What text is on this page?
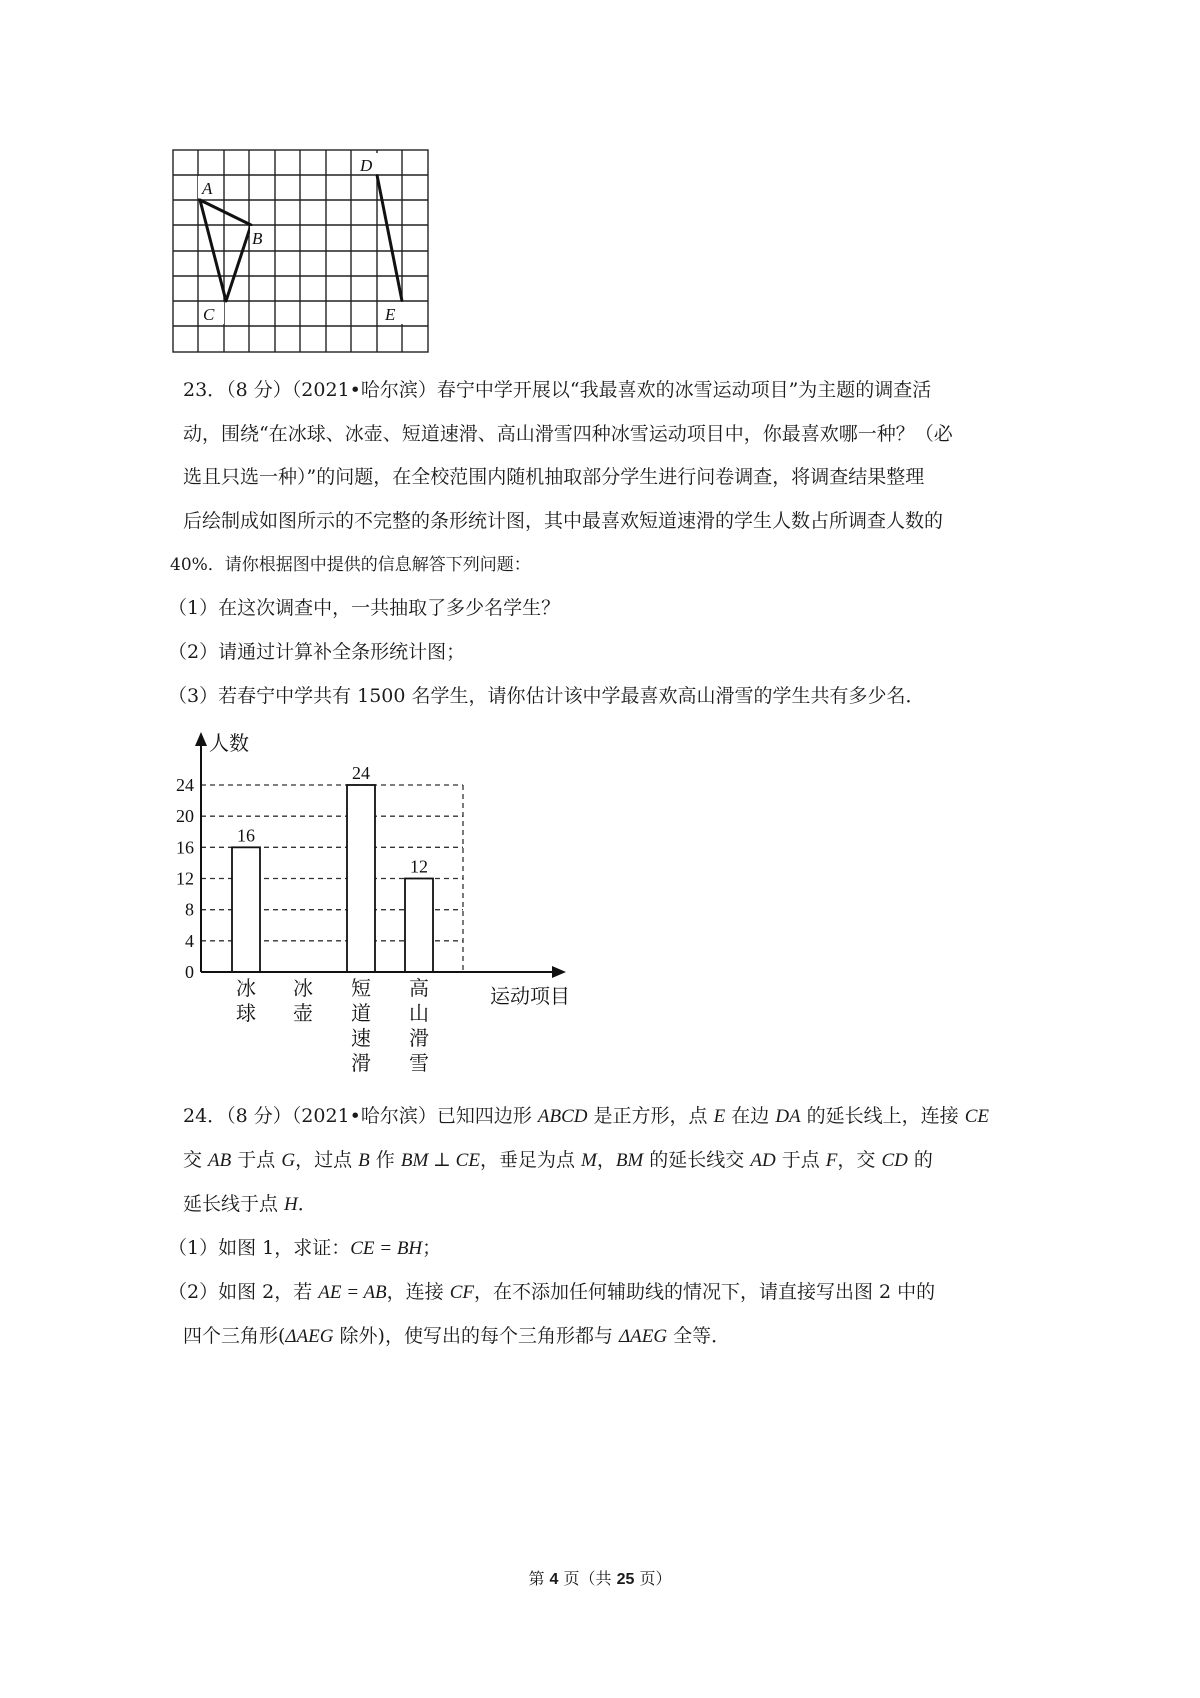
A
B
C
D
E
23．（8 分）（2021•哈尔滨）春宁中学开展以“我最喜欢的冰雪运动项目”为主题的调查活
动，围绕“在冰球、冰壶、短道速滑、高山滑雪四种冰雪运动项目中，你最喜欢哪一种？（必
选且只选一种）”的问题，在全校范围内随机抽取部分学生进行问卷调查，将调查结果整理
后绘制成如图所示的不完整的条形统计图，其中最喜欢短道速滑的学生人数占所调查人数的
40%．请你根据图中提供的信息解答下列问题：
（1）在这次调查中，一共抽取了多少名学生？
（2）请通过计算补全条形统计图；
（3）若春宁中学共有 1500 名学生，请你估计该中学最喜欢高山滑雪的学生共有多少名．
16
24
12
0
4
8
12
16
20
24
人数
运动项目
冰球
冰壶
短道速滑
高山滑雪
24．（8 分）（2021•哈尔滨）已知四边形 ABCD 是正方形，点 E 在边 DA 的延长线上，连接 CE
交 AB 于点 G，过点 B 作 BM ⊥ CE，垂足为点 M，BM 的延长线交 AD 于点 F，交 CD 的
延长线于点 H．
（1）如图 1，求证：CE = BH；
（2）如图 2，若 AE = AB，连接 CF，在不添加任何辅助线的情况下，请直接写出图 2 中的
四个三角形(ΔAEG 除外)，使写出的每个三角形都与 ΔAEG 全等．
第 4 页（共 25 页）
